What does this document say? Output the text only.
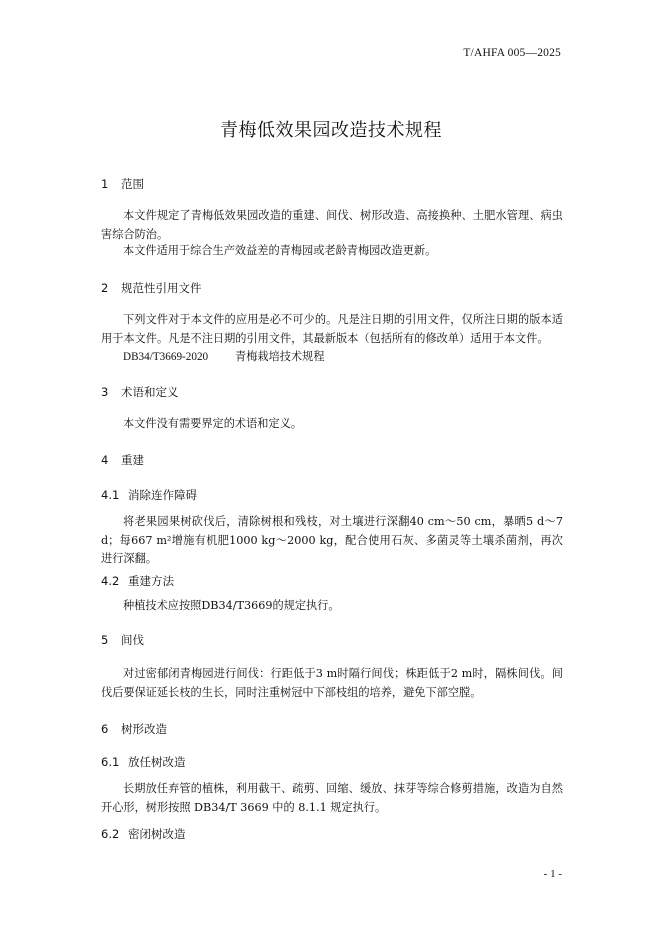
T/AHFA 005—2025
青梅低效果园改造技术规程
1 范围
本文件规定了青梅低效果园改造的重建、间伐、树形改造、高接换种、土肥水管理、病虫害综合防治。
本文件适用于综合生产效益差的青梅园或老龄青梅园改造更新。
2 规范性引用文件
下列文件对于本文件的应用是必不可少的。凡是注日期的引用文件，仅所注日期的版本适用于本文件。凡是不注日期的引用文件，其最新版本（包括所有的修改单）适用于本文件。
DB34/T3669-2020 青梅栽培技术规程
3 术语和定义
本文件没有需要界定的术语和定义。
4 重建
4.1 消除连作障碍
将老果园果树砍伐后，清除树根和残枝，对土壤进行深翻40 cm～50 cm，暴晒5 d～7 d；每667 m²增施有机肥1000 kg～2000 kg，配合使用石灰、多菌灵等土壤杀菌剂，再次进行深翻。
4.2 重建方法
种植技术应按照DB34/T3669的规定执行。
5 间伐
对过密郁闭青梅园进行间伐：行距低于3 m时隔行间伐；株距低于2 m时，隔株间伐。间伐后要保证延长枝的生长，同时注重树冠中下部枝组的培养，避免下部空膛。
6 树形改造
6.1 放任树改造
长期放任弃管的植株，利用截干、疏剪、回缩、缓放、抹芽等综合修剪措施，改造为自然开心形，树形按照 DB34/T 3669 中的 8.1.1 规定执行。
6.2 密闭树改造
- 1 -
